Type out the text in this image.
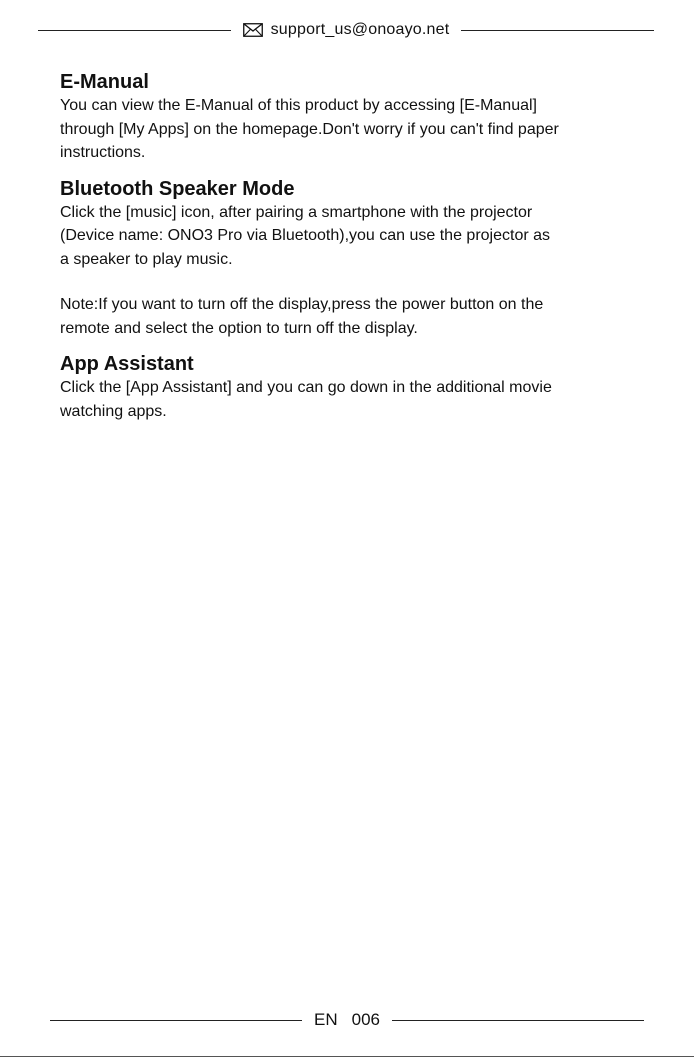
support_us@onoayo.net
E-Manual

You can view the E-Manual of this product by accessing [E-Manual]
through [My Apps] on the homepage.Don't worry if you can't find paper
instructions.

Bluetooth Speaker Mode

Click the [music] icon, after pairing a smartphone with the projector
(Device name: ONO3 Pro via Bluetooth),you can use the projector as
a speaker to play music.

Note:If you want to turn off the display,press the power button on the
remote and select the option to turn off the display.

App Assistant

Click the [App Assistant] and you can go down in the additional movie
watching apps.

EN 006
